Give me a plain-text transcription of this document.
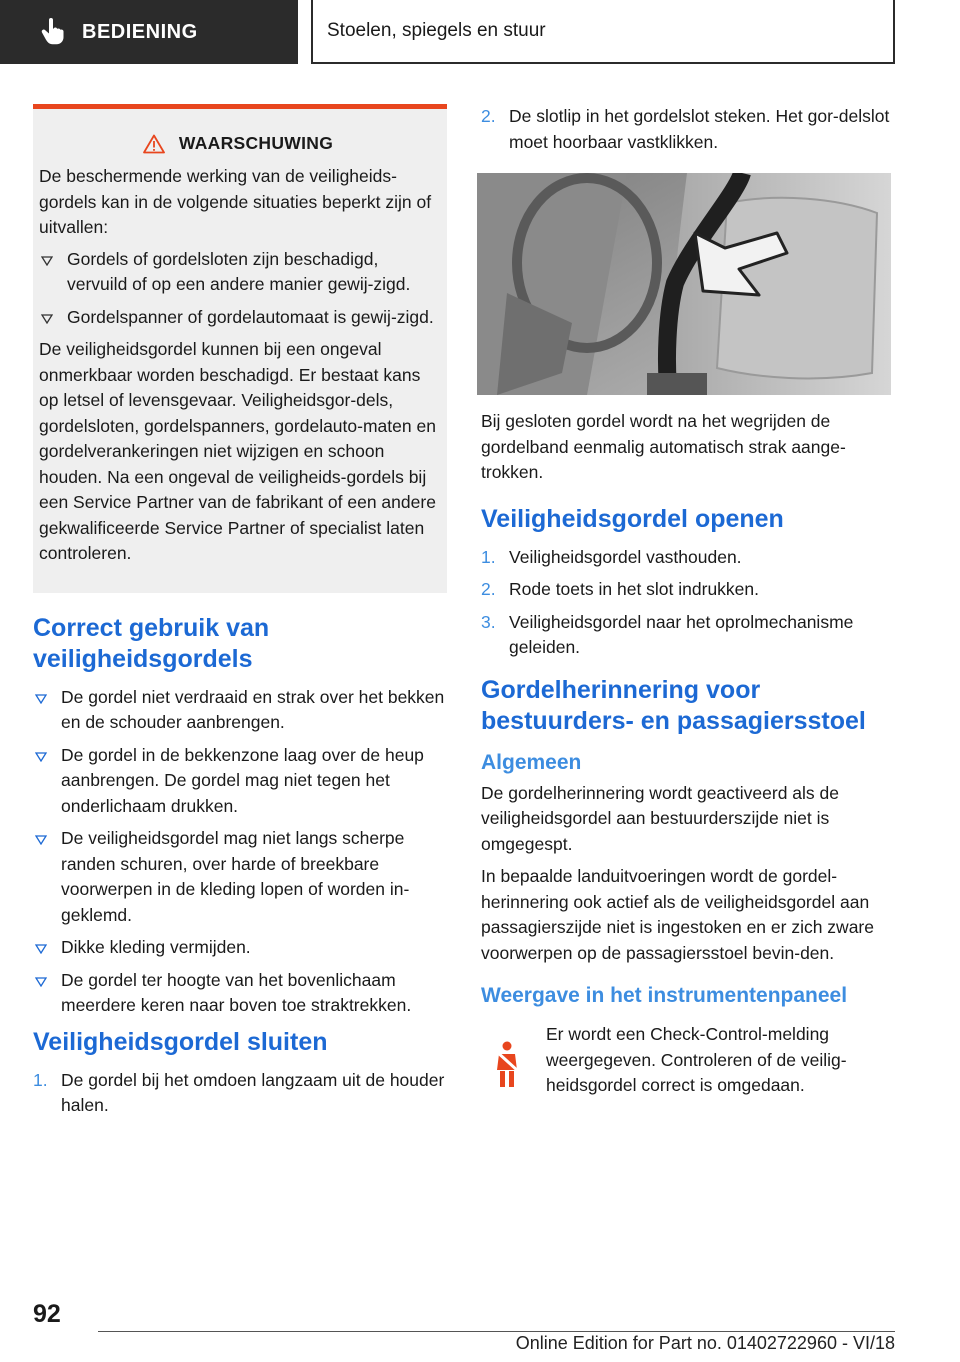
BEDIENING	Stoelen, spiegels en stuur
WAARSCHUWING

De beschermende werking van de veiligheids-gordels kan in de volgende situaties beperkt zijn of uitvallen:

Gordels of gordelsloten zijn beschadigd, vervuild of op een andere manier gewij-zigd.
Gordelspanner of gordelautomaat is gewij-zigd.

De veiligheidsgordel kunnen bij een ongeval onmerkbaar worden beschadigd. Er bestaat kans op letsel of levensgevaar. Veiligheidsgor-dels, gordelsloten, gordelspanners, gordelauto-maten en gordelverankeringen niet wijzigen en schoon houden. Na een ongeval de veiligheids-gordels bij een Service Partner van de fabrikant of een andere gekwalificeerde Service Partner of specialist laten controleren.

Correct gebruik van veiligheidsgordels
De gordel niet verdraaid en strak over het bekken en de schouder aanbrengen.
De gordel in de bekkenzone laag over de heup aanbrengen. De gordel mag niet tegen het onderlichaam drukken.
De veiligheidsgordel mag niet langs scherpe randen schuren, over harde of breekbare voorwerpen in de kleding lopen of worden in-geklemd.
Dikke kleding vermijden.
De gordel ter hoogte van het bovenlichaam meerdere keren naar boven toe straktrekken.
Veiligheidsgordel sluiten
1. De gordel bij het omdoen langzaam uit de houder halen.
2. De slotlip in het gordelslot steken. Het gor-delslot moet hoorbaar vastklikken.

Bij gesloten gordel wordt na het wegrijden de gordelband eenmalig automatisch strak aange-trokken.

Veiligheidsgordel openen
1. Veiligheidsgordel vasthouden.
2. Rode toets in het slot indrukken.
3. Veiligheidsgordel naar het oprolmechanisme geleiden.
Gordelherinnering voor bestuurders- en passagiersstoel
Algemeen

De gordelherinnering wordt geactiveerd als de veiligheidsgordel aan bestuurderszijde niet is omgegespt.

In bepaalde landuitvoeringen wordt de gordel-herinnering ook actief als de veiligheidsgordel aan passagierszijde niet is ingestoken en er zich zware voorwerpen op de passagiersstoel bevin-den.

Weergave in het instrumentenpaneel

Er wordt een Check-Control-melding weergegeven. Controleren of de veilig-heidsgordel correct is omgedaan.

92
Online Edition for Part no. 01402722960 - VI/18
